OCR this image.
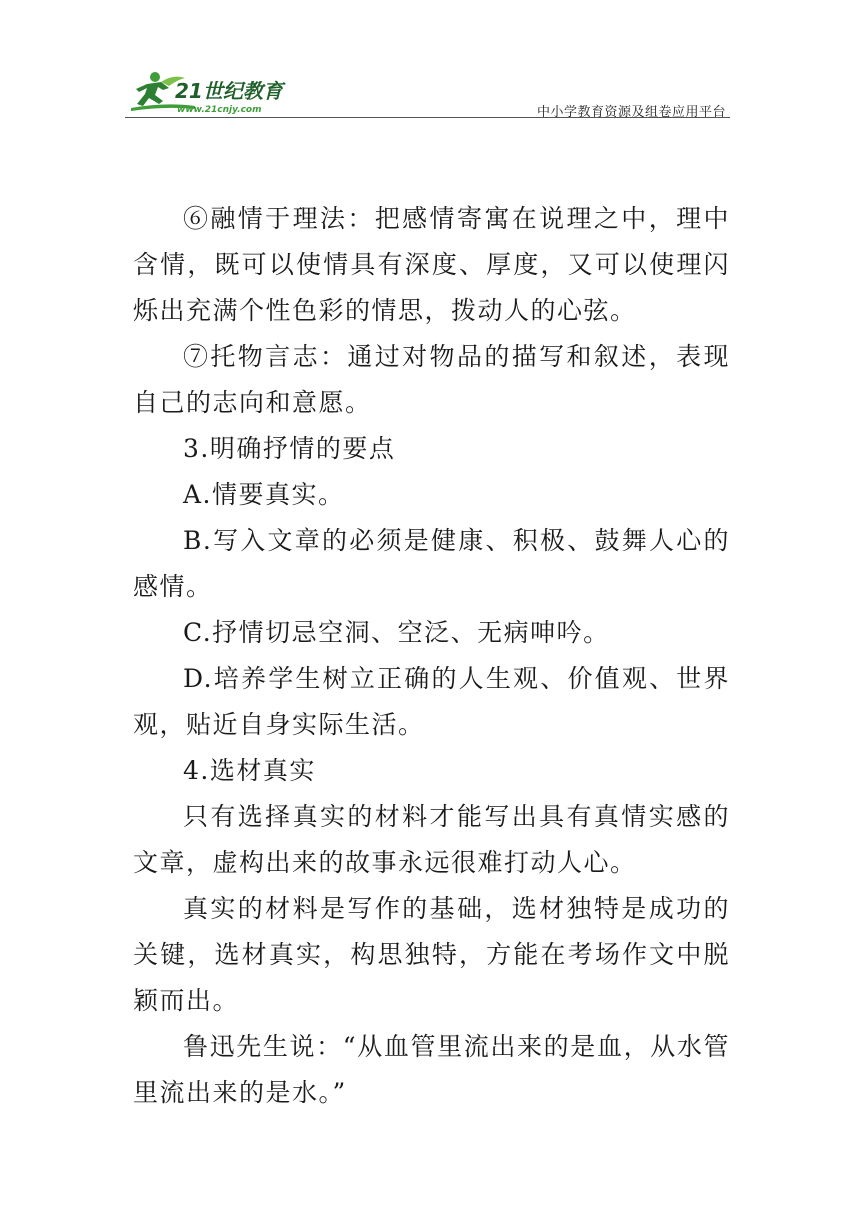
21世纪教育
www.21cnjy.com	中小学教育资源及组卷应用平台

⑥融情于理法：把感情寄寓在说理之中，理中含情，既可以使情具有深度、厚度，又可以使理闪烁出充满个性色彩的情思，拨动人的心弦。

⑦托物言志：通过对物品的描写和叙述，表现自己的志向和意愿。

3.明确抒情的要点

A.情要真实。

B.写入文章的必须是健康、积极、鼓舞人心的感情。

C.抒情切忌空洞、空泛、无病呻吟。

D.培养学生树立正确的人生观、价值观、世界观，贴近自身实际生活。

4.选材真实

只有选择真实的材料才能写出具有真情实感的文章，虚构出来的故事永远很难打动人心。

真实的材料是写作的基础，选材独特是成功的关键，选材真实，构思独特，方能在考场作文中脱颖而出。

鲁迅先生说：“从血管里流出来的是血，从水管里流出来的是水。”
